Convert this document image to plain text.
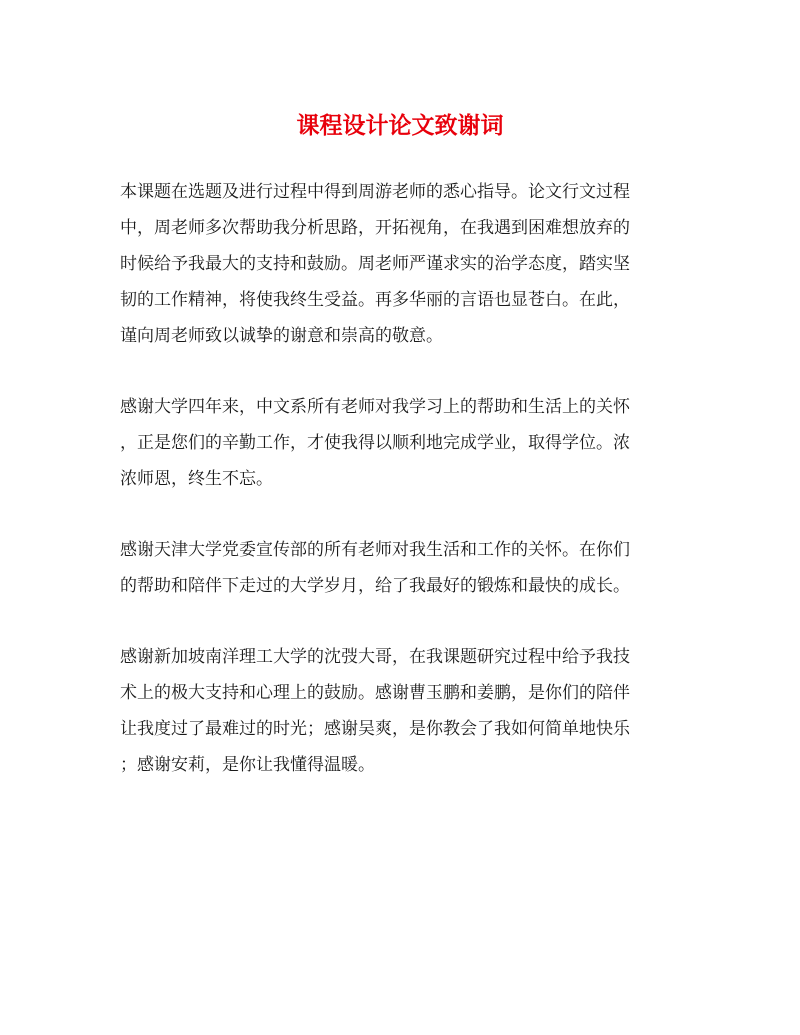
课程设计论文致谢词

本课题在选题及进行过程中得到周游老师的悉心指导。论文行文过程
中，周老师多次帮助我分析思路，开拓视角，在我遇到困难想放弃的
时候给予我最大的支持和鼓励。周老师严谨求实的治学态度，踏实坚
韧的工作精神，将使我终生受益。再多华丽的言语也显苍白。在此，
谨向周老师致以诚挚的谢意和崇高的敬意。

感谢大学四年来，中文系所有老师对我学习上的帮助和生活上的关怀
，正是您们的辛勤工作，才使我得以顺利地完成学业，取得学位。浓
浓师恩，终生不忘。

感谢天津大学党委宣传部的所有老师对我生活和工作的关怀。在你们
的帮助和陪伴下走过的大学岁月，给了我最好的锻炼和最快的成长。

感谢新加坡南洋理工大学的沈弢大哥，在我课题研究过程中给予我技
术上的极大支持和心理上的鼓励。感谢曹玉鹏和姜鹏，是你们的陪伴
让我度过了最难过的时光；感谢吴爽，是你教会了我如何简单地快乐
；感谢安莉，是你让我懂得温暖。
